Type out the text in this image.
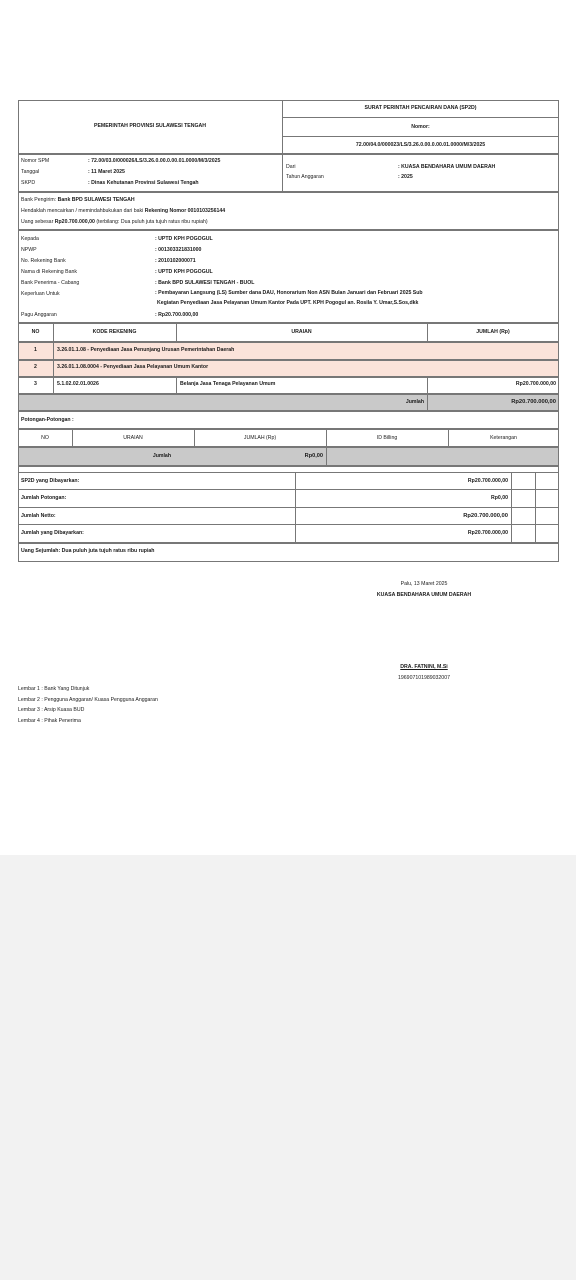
PEMERINTAH PROVINSI SULAWESI TENGAH
SURAT PERINTAH PENCAIRAN DANA (SP2D)
Nomor:
72.00/04.0/000023/LS/3.26.0.00.0.00.01.0000/M/3/2025
Nomor SPM	: 72.00/03.0/000026/LS/3.26.0.00.0.00.01.0000/M/3/2025
Tanggal	: 11 Maret 2025
SKPD	: Dinas Kehutanan Provinsi Sulawesi Tengah
Dari	: KUASA BENDAHARA UMUM DAERAH
Tahun Anggaran	: 2025
Bank Pengirim: Bank BPD SULAWESI TENGAH
Hendaklah mencairkan / memindahbukukan dari baki Rekening Nomor 0010103256144
Uang sebesar Rp20.700.000,00 (terbilang: Dua puluh juta tujuh ratus ribu rupiah)
Kepada	: UPTD KPH POGOGUL
NPWP	: 001303321831000
No. Rekening Bank	: 2010102000071
Nama di Rekening Bank	: UPTD KPH POGOGUL
Bank Penerima - Cabang	: Bank BPD SULAWESI TENGAH - BUOL
Keperluan Untuk	: Pembayaran Langsung (LS) Sumber dana DAU, Honorarium Non ASN Bulan Januari dan Februari 2025 Sub
Kegiatan Penyediaan Jasa Pelayanan Umum Kantor Pada UPT. KPH Pogogul an. Rosila Y. Umar,S.Sos,dkk
Pagu Anggaran	: Rp20.700.000,00
NO	KODE REKENING	URAIAN	JUMLAH (Rp)
1	3.26.01.1.08 - Penyediaan Jasa Penunjang Urusan Pemerintahan Daerah
2	3.26.01.1.08.0004 - Penyediaan Jasa Pelayanan Umum Kantor
3	5.1.02.02.01.0026	Belanja Jasa Tenaga Pelayanan Umum	Rp20.700.000,00
Jumlah	Rp20.700.000,00
Potongan-Potongan :
NO	URAIAN	JUMLAH (Rp)	ID Billing	Keterangan
Jumlah	Rp0,00
SP2D yang Dibayarkan:	Rp20.700.000,00
Jumlah Potongan:	Rp0,00
Jumlah Netto:	Rp20.700.000,00
Jumlah yang Dibayarkan:	Rp20.700.000,00
Uang Sejumlah: Dua puluh juta tujuh ratus ribu rupiah
Palu, 13 Maret 2025
KUASA BENDAHARA UMUM DAERAH
DRA. FATNINI, M.Si
196907101989032007
Lembar 1 : Bank Yang Ditunjuk
Lembar 2 : Pengguna Anggaran/ Kuasa Pengguna Anggaran
Lembar 3 : Arsip Kuasa BUD
Lembar 4 : Pihak Penerima
